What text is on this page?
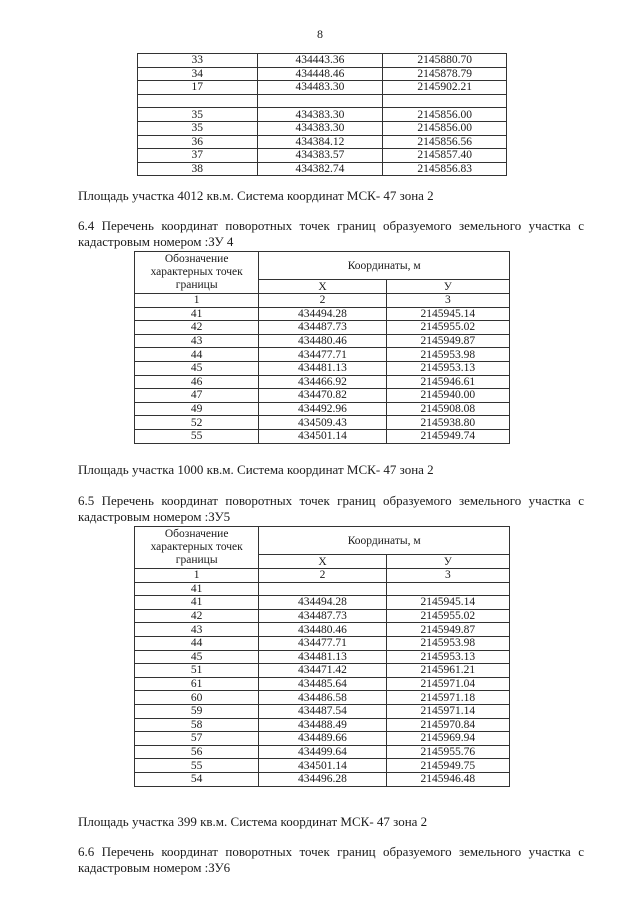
8
33	434443.36	2145880.70
34	434448.46	2145878.79
17	434483.30	2145902.21

35	434383.30	2145856.00
35	434383.30	2145856.00
36	434384.12	2145856.56
37	434383.57	2145857.40
38	434382.74	2145856.83
Площадь участка 4012 кв.м. Система координат МСК- 47 зона 2
6.4 Перечень координат поворотных точек границ образуемого земельного участка с кадастровым номером :ЗУ 4
Обозначение характерных точек границы	Координаты, м	
	Х	У
1	2	3
41	434494.28	2145945.14
42	434487.73	2145955.02
43	434480.46	2145949.87
44	434477.71	2145953.98
45	434481.13	2145953.13
46	434466.92	2145946.61
47	434470.82	2145940.00
49	434492.96	2145908.08
52	434509.43	2145938.80
55	434501.14	2145949.74
Площадь участка 1000 кв.м. Система координат МСК- 47 зона 2
6.5 Перечень координат поворотных точек границ образуемого земельного участка с кадастровым номером :ЗУ5
Обозначение характерных точек границы	Координаты, м	
	Х	У
1	2	3
41		
41	434494.28	2145945.14
42	434487.73	2145955.02
43	434480.46	2145949.87
44	434477.71	2145953.98
45	434481.13	2145953.13
51	434471.42	2145961.21
61	434485.64	2145971.04
60	434486.58	2145971.18
59	434487.54	2145971.14
58	434488.49	2145970.84
57	434489.66	2145969.94
56	434499.64	2145955.76
55	434501.14	2145949.75
54	434496.28	2145946.48
Площадь участка 399 кв.м. Система координат МСК- 47 зона 2
6.6 Перечень координат поворотных точек границ образуемого земельного участка с кадастровым номером :ЗУ6
